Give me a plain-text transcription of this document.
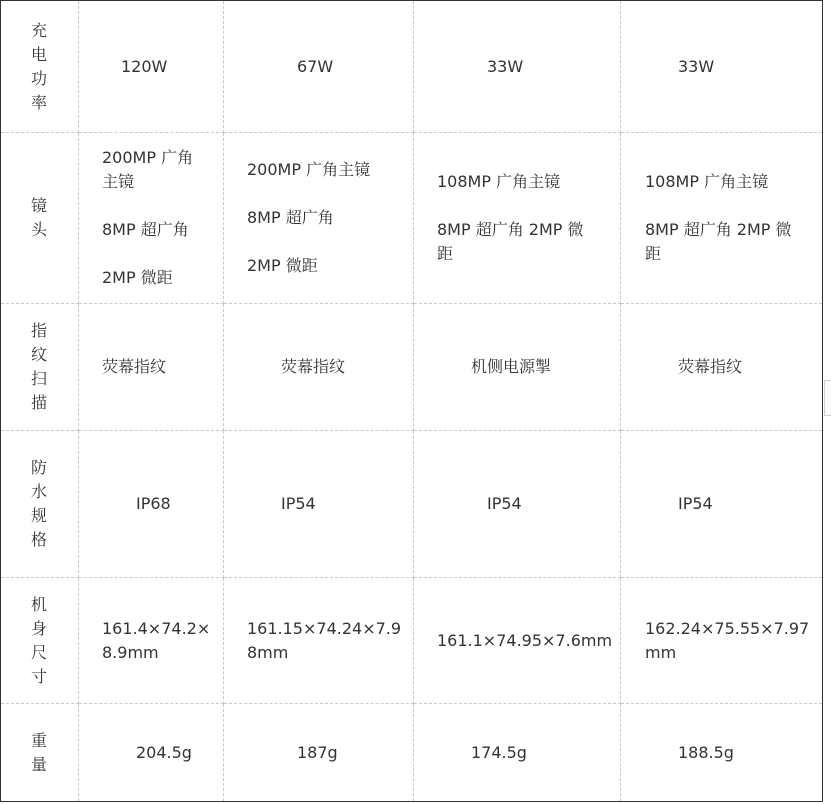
充
电
功
率	120W	67W	33W	33W

镜
头	200MP 广角
主镜
8MP 超广角
2MP 微距	200MP 广角主镜
8MP 超广角
2MP 微距	108MP 广角主镜
8MP 超广角 2MP 微
距	108MP 广角主镜
8MP 超广角 2MP 微
距

指
纹
扫
描	荧幕指纹	荧幕指纹	机侧电源掣	荧幕指纹

防
水
规
格	IP68	IP54	IP54	IP54

机
身
尺
寸	161.4×74.2×
8.9mm	161.15×74.24×7.9
8mm	161.1×74.95×7.6mm	162.24×75.55×7.97
mm

重
量	204.5g	187g	174.5g	188.5g
